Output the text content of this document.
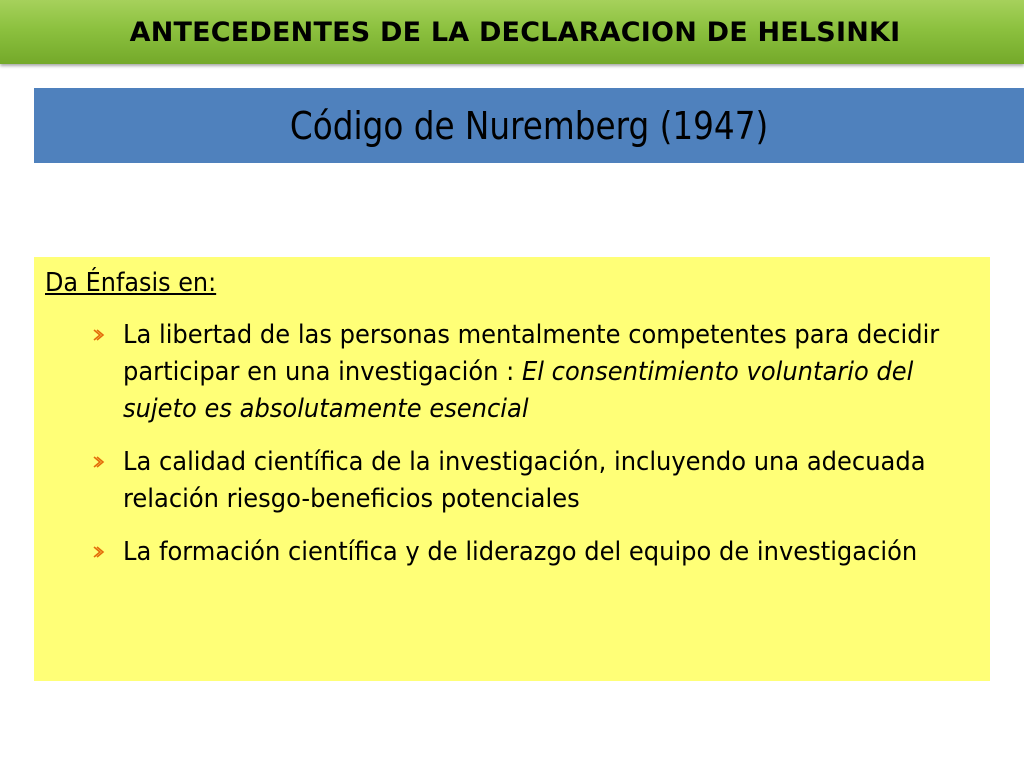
ANTECEDENTES DE LA DECLARACION DE HELSINKI
Código de Nuremberg (1947)
Da Énfasis en:
La libertad de las personas mentalmente competentes para decidir participar en una investigación : El consentimiento voluntario del sujeto es absolutamente esencial
La calidad científica de la investigación, incluyendo una adecuada relación riesgo-beneficios potenciales
La formación científica y de liderazgo del equipo de investigación
